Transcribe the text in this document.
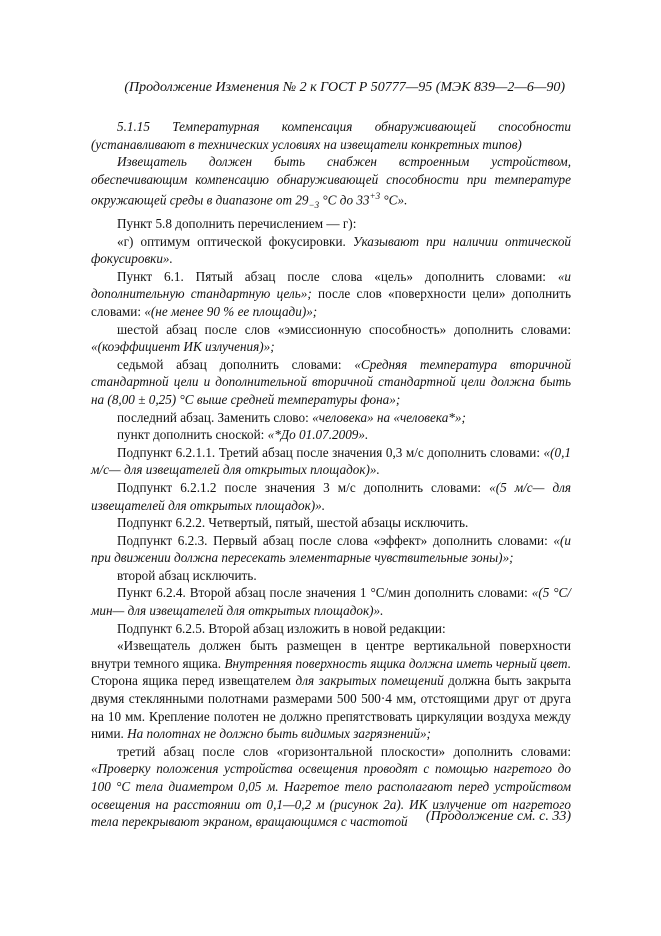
(Продолжение Изменения № 2 к ГОСТ Р 50777—95 (МЭК 839—2—6—90)

5.1.15 Температурная компенсация обнаруживающей способности (устанавливают в технических условиях на извещатели конкретных типов)

Извещатель должен быть снабжен встроенным устройством, обеспечивающим компенсацию обнаруживающей способности при температуре окружающей среды в диапазоне от $29_{-3}$ °С до $33^{+3}$ °С».

Пункт 5.8 дополнить перечислением — г):

«г) оптимум оптической фокусировки. Указывают при наличии оптической фокусировки».

Пункт 6.1. Пятый абзац после слова «цель» дополнить словами: «и дополнительную стандартную цель»; после слов «поверхности цели» дополнить словами: «(не менее 90 % ее площади)»;

шестой абзац после слов «эмиссионную способность» дополнить словами: «(коэффициент ИК излучения)»;

седьмой абзац дополнить словами: «Средняя температура вторичной стандартной цели и дополнительной вторичной стандартной цели должна быть на (8,00 ± 0,25) °С выше средней температуры фона»;

последний абзац. Заменить слово: «человека» на «человека*»;

пункт дополнить сноской: «*До 01.07.2009».

Подпункт 6.2.1.1. Третий абзац после значения 0,3 м/с дополнить словами: «(0,1 м/с— для извещателей для открытых площадок)».

Подпункт 6.2.1.2 после значения 3 м/с дополнить словами: «(5 м/с— для извещателей для открытых площадок)».

Подпункт 6.2.2. Четвертый, пятый, шестой абзацы исключить.

Подпункт 6.2.3. Первый абзац после слова «эффект» дополнить словами: «(и при движении должна пересекать элементарные чувствительные зоны)»;

второй абзац исключить.

Пункт 6.2.4. Второй абзац после значения 1 °С/мин дополнить словами: «(5 °С/мин— для извещателей для открытых площадок)».

Подпункт 6.2.5. Второй абзац изложить в новой редакции:

«Извещатель должен быть размещен в центре вертикальной поверхности внутри темного ящика. Внутренняя поверхность ящика должна иметь черный цвет. Сторона ящика перед извещателем для закрытых помещений должна быть закрыта двумя стеклянными полотнами размерами 500 500·4 мм, отстоящими друг от друга на 10 мм. Крепление полотен не должно препятствовать циркуляции воздуха между ними. На полотнах не должно быть видимых загрязнений»;

третий абзац после слов «горизонтальной плоскости» дополнить словами: «Проверку положения устройства освещения проводят с помощью нагретого до 100 °С тела диаметром 0,05 м. Нагретое тело располагают перед устройством освещения на расстоянии от 0,1—0,2 м (рисунок 2а). ИК излучение от нагретого тела перекрывают экраном, вращающимся с частотой	(Продолжение см. с. 33)
